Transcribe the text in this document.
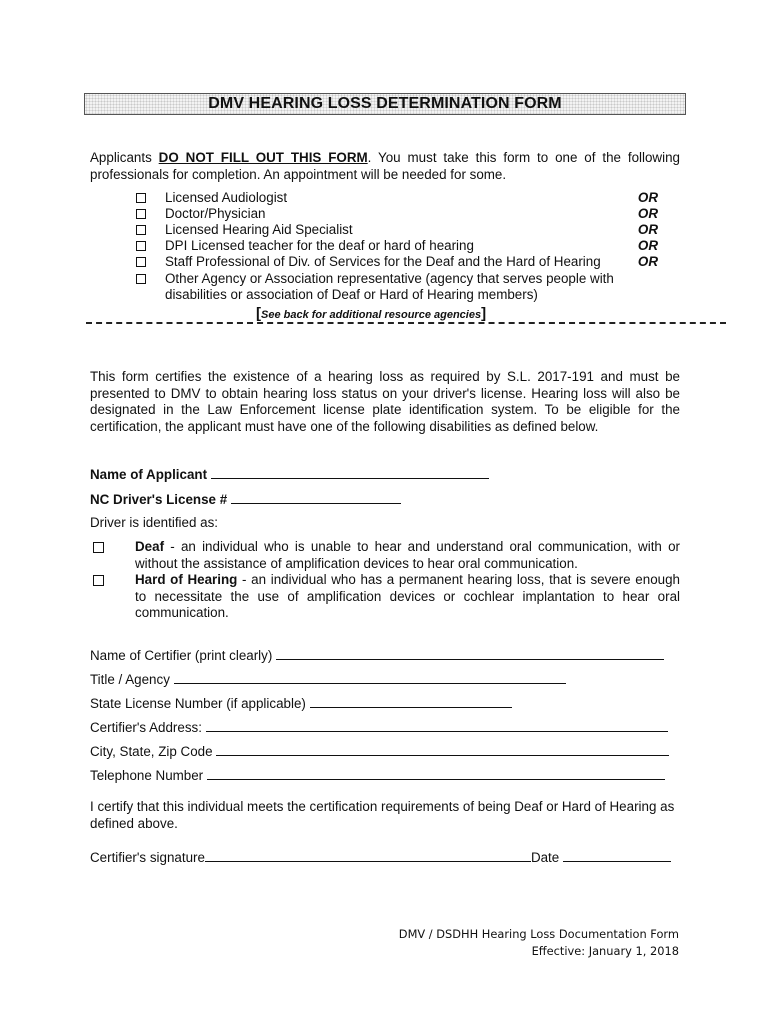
DMV HEARING LOSS DETERMINATION FORM
Applicants DO NOT FILL OUT THIS FORM. You must take this form to one of the following professionals for completion. An appointment will be needed for some.
Licensed Audiologist	OR
Doctor/Physician	OR
Licensed Hearing Aid Specialist	OR
DPI Licensed teacher for the deaf or hard of hearing	OR
Staff Professional of Div. of Services for the Deaf and the Hard of Hearing	OR
Other Agency or Association representative (agency that serves people with disabilities or association of Deaf or Hard of Hearing members)
[See back for additional resource agencies]
This form certifies the existence of a hearing loss as required by S.L. 2017-191 and must be presented to DMV to obtain hearing loss status on your driver's license. Hearing loss will also be designated in the Law Enforcement license plate identification system. To be eligible for the certification, the applicant must have one of the following disabilities as defined below.
Name of Applicant
NC Driver's License #
Driver is identified as:
Deaf - an individual who is unable to hear and understand oral communication, with or without the assistance of amplification devices to hear oral communication.
Hard of Hearing - an individual who has a permanent hearing loss, that is severe enough to necessitate the use of amplification devices or cochlear implantation to hear oral communication.
Name of Certifier (print clearly)
Title / Agency
State License Number (if applicable)
Certifier's Address:
City, State, Zip Code
Telephone Number
I certify that this individual meets the certification requirements of being Deaf or Hard of Hearing as defined above.
Certifier's signature	Date
DMV / DSDHH Hearing Loss Documentation Form
Effective: January 1, 2018
